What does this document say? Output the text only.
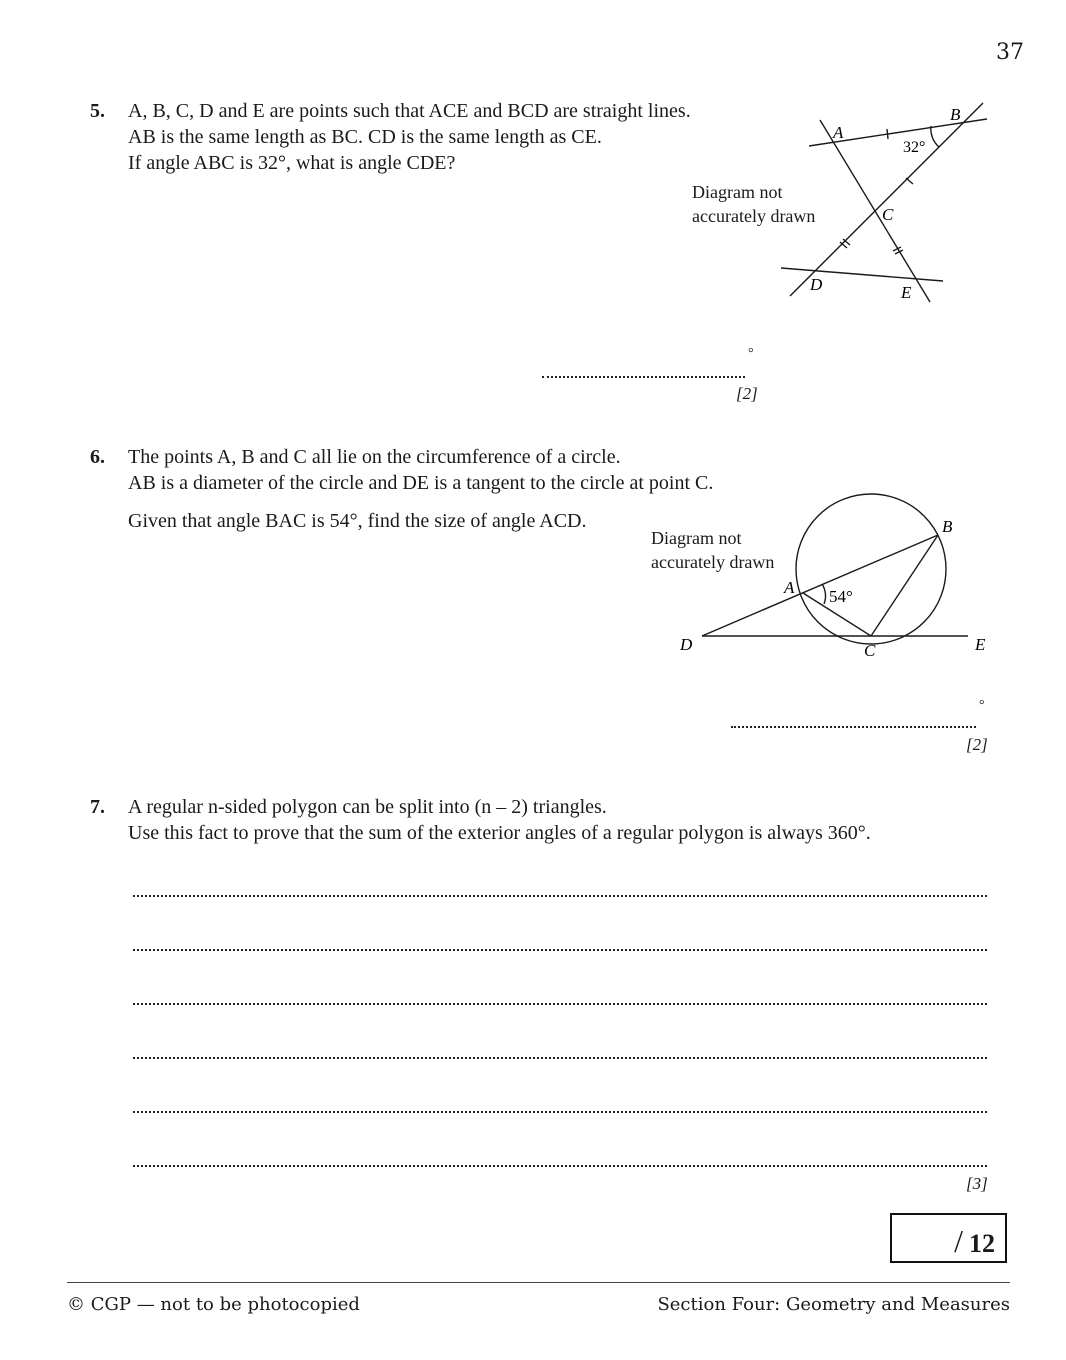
37
5. A, B, C, D and E are points such that ACE and BCD are straight lines.
AB is the same length as BC. CD is the same length as CE.
If angle ABC is 32°, what is angle CDE?
Diagram not
accurately drawn
A
B
C
D	E
32°
°
[2]
6. The points A, B and C all lie on the circumference of a circle.
AB is a diameter of the circle and DE is a tangent to the circle at point C.
Given that angle BAC is 54°, find the size of angle ACD.
Diagram not
accurately drawn
A
B
C
D	E
54°
°
[2]
7. A regular n-sided polygon can be split into (n – 2) triangles.
Use this fact to prove that the sum of the exterior angles of a regular polygon is always 360°.
[3]
/ 12
© CGP — not to be photocopied	Section Four: Geometry and Measures
